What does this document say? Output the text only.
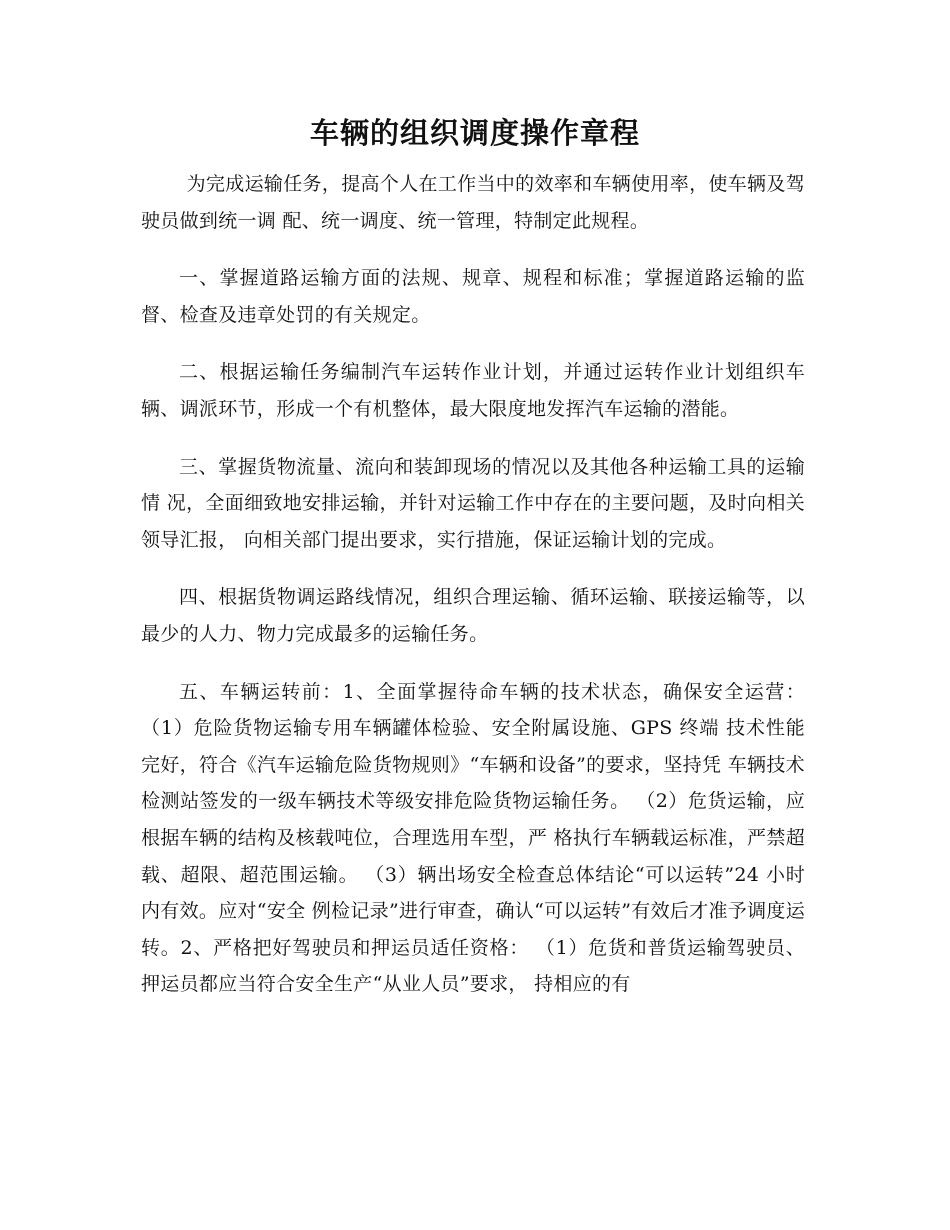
车辆的组织调度操作章程

为完成运输任务，提高个人在工作当中的效率和车辆使用率，使车辆及驾驶员做到统一调 配、统一调度、统一管理，特制定此规程。

一、掌握道路运输方面的法规、规章、规程和标准；掌握道路运输的监督、检查及违章处罚的有关规定。

二、根据运输任务编制汽车运转作业计划，并通过运转作业计划组织车辆、调派环节，形成一个有机整体，最大限度地发挥汽车运输的潜能。

三、掌握货物流量、流向和装卸现场的情况以及其他各种运输工具的运输情 况，全面细致地安排运输，并针对运输工作中存在的主要问题，及时向相关领导汇报， 向相关部门提出要求，实行措施，保证运输计划的完成。

四、根据货物调运路线情况，组织合理运输、循环运输、联接运输等，以最少的人力、物力完成最多的运输任务。

五、车辆运转前：1、全面掌握待命车辆的技术状态，确保安全运营： （1）危险货物运输专用车辆罐体检验、安全附属设施、GPS 终端 技术性能完好，符合《汽车运输危险货物规则》“车辆和设备”的要求，坚持凭 车辆技术检测站签发的一级车辆技术等级安排危险货物运输任务。 （2）危货运输，应根据车辆的结构及核载吨位，合理选用车型，严 格执行车辆载运标准，严禁超载、超限、超范围运输。 （3）辆出场安全检查总体结论“可以运转”24 小时内有效。应对“安全 例检记录”进行审查，确认“可以运转”有效后才准予调度运转。2、严格把好驾驶员和押运员适任资格： （1）危货和普货运输驾驶员、押运员都应当符合安全生产“从业人员”要求， 持相应的有
